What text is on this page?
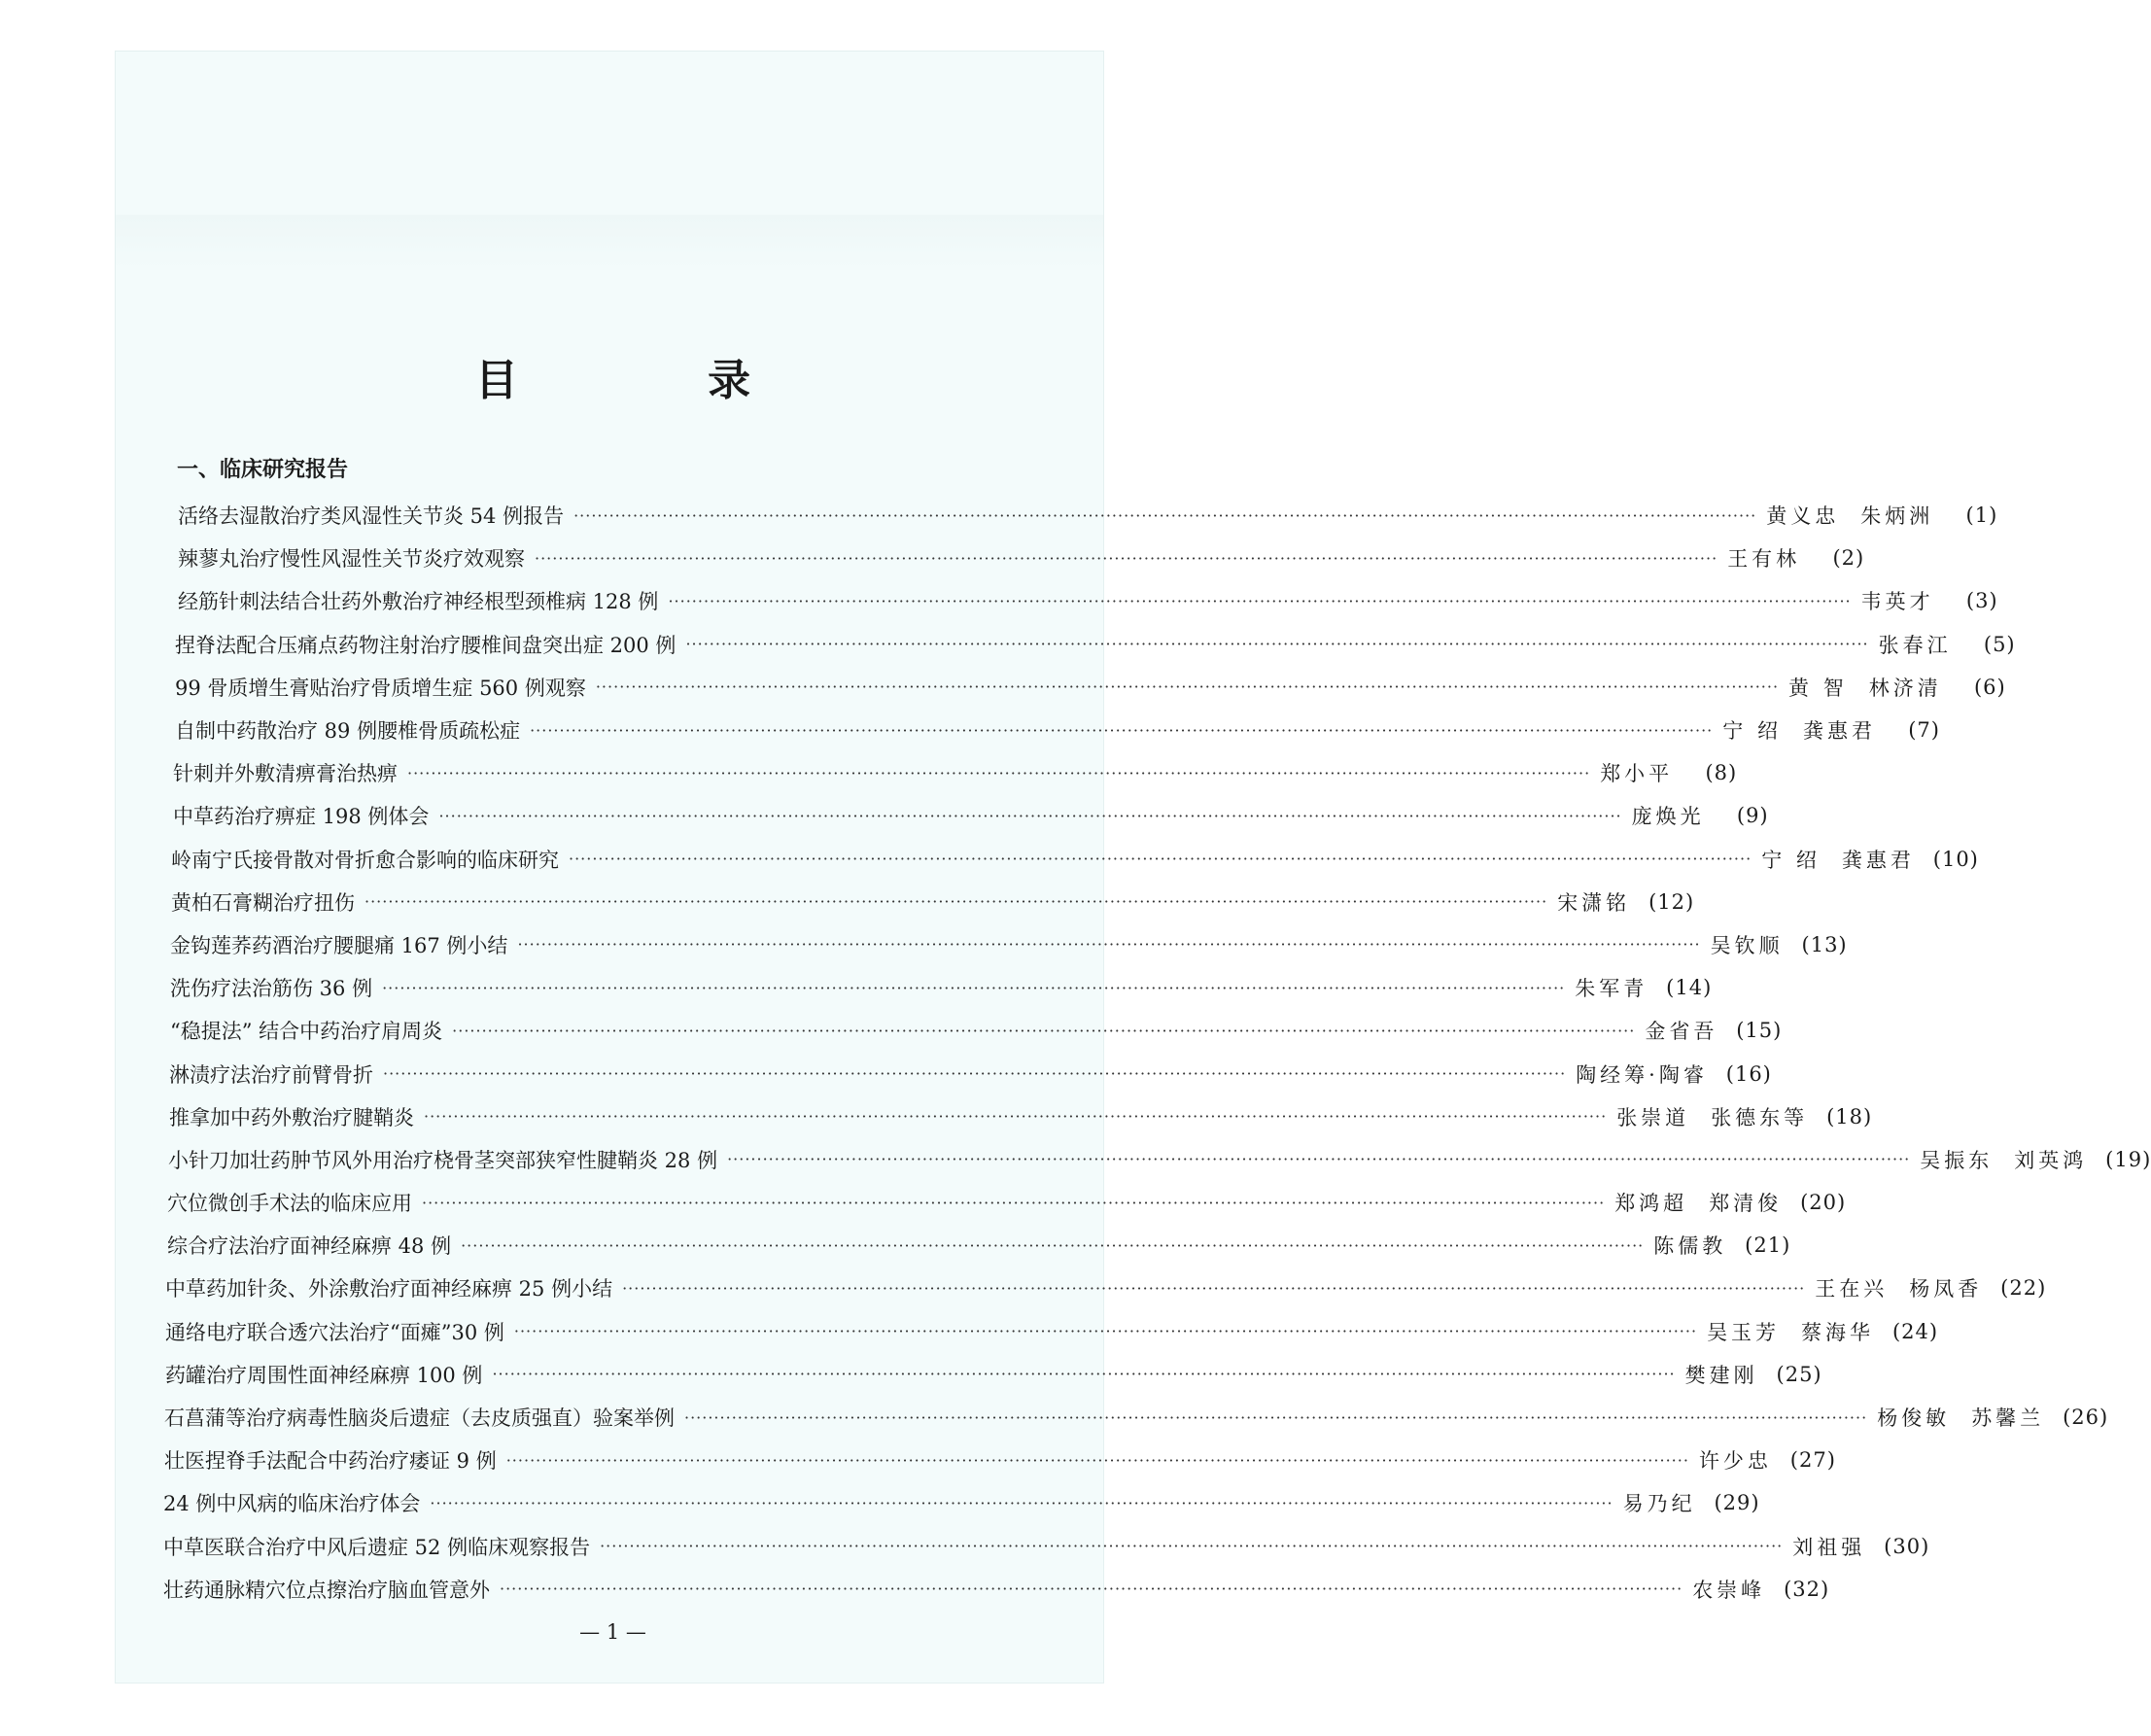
目 录
一、临床研究报告
活络去湿散治疗类风湿性关节炎 54 例报告 ········································································································································································································ 黄义忠 朱炳洲	(1)
辣蓼丸治疗慢性风湿性关节炎疗效观察 ········································································································································································································ 王有林	(2)
经筋针刺法结合壮药外敷治疗神经根型颈椎病 128 例 ········································································································································································································ 韦英才	(3)
捏脊法配合压痛点药物注射治疗腰椎间盘突出症 200 例 ········································································································································································································ 张春江	(5)
99 骨质增生膏贴治疗骨质增生症 560 例观察 ········································································································································································································ 黄 智 林济清	(6)
自制中药散治疗 89 例腰椎骨质疏松症 ········································································································································································································ 宁 绍 龚惠君	(7)
针刺并外敷清痹膏治热痹 ········································································································································································································ 郑小平	(8)
中草药治疗痹症 198 例体会 ········································································································································································································ 庞焕光	(9)
岭南宁氏接骨散对骨折愈合影响的临床研究 ········································································································································································································ 宁 绍 龚惠君 (10)
黄柏石膏糊治疗扭伤 ········································································································································································································ 宋潇铭 (12)
金钩莲荞药酒治疗腰腿痛 167 例小结 ········································································································································································································ 吴钦顺 (13)
洗伤疗法治筋伤 36 例 ········································································································································································································ 朱军青 (14)
“稳提法” 结合中药治疗肩周炎 ········································································································································································································ 金省吾 (15)
淋渍疗法治疗前臂骨折 ········································································································································································································ 陶经筹·陶睿 (16)
推拿加中药外敷治疗腱鞘炎 ········································································································································································································ 张崇道 张德东等 (18)
小针刀加壮药肿节风外用治疗桡骨茎突部狭窄性腱鞘炎 28 例 ········································································································································································································ 吴振东 刘英鸿 (19)
穴位微创手术法的临床应用 ········································································································································································································ 郑鸿超 郑清俊 (20)
综合疗法治疗面神经麻痹 48 例 ········································································································································································································ 陈儒教 (21)
中草药加针灸、外涂敷治疗面神经麻痹 25 例小结 ········································································································································································································ 王在兴 杨凤香 (22)
通络电疗联合透穴法治疗“面瘫”30 例 ········································································································································································································ 吴玉芳 蔡海华 (24)
药罐治疗周围性面神经麻痹 100 例 ········································································································································································································ 樊建刚 (25)
石菖蒲等治疗病毒性脑炎后遗症（去皮质强直）验案举例 ········································································································································································································ 杨俊敏 苏馨兰 (26)
壮医捏脊手法配合中药治疗痿证 9 例 ········································································································································································································ 许少忠 (27)
24 例中风病的临床治疗体会 ········································································································································································································ 易乃纪 (29)
中草医联合治疗中风后遗症 52 例临床观察报告 ········································································································································································································ 刘祖强 (30)
壮药通脉精穴位点擦治疗脑血管意外 ········································································································································································································ 农崇峰 (32)
— 1 —
